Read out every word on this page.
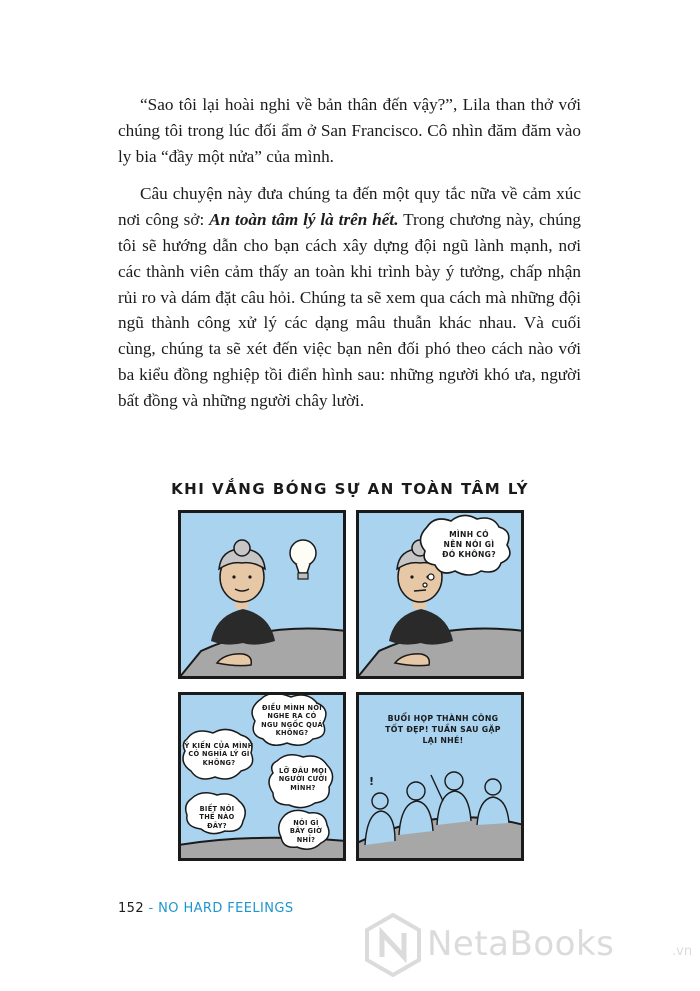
“Sao tôi lại hoài nghi về bản thân đến vậy?”, Lila than thở với chúng tôi trong lúc đối ẩm ở San Francisco. Cô nhìn đăm đăm vào ly bia “đầy một nửa” của mình.

Câu chuyện này đưa chúng ta đến một quy tắc nữa về cảm xúc nơi công sở: An toàn tâm lý là trên hết. Trong chương này, chúng tôi sẽ hướng dẫn cho bạn cách xây dựng đội ngũ lành mạnh, nơi các thành viên cảm thấy an toàn khi trình bày ý tưởng, chấp nhận rủi ro và dám đặt câu hỏi. Chúng ta sẽ xem qua cách mà những đội ngũ thành công xử lý các dạng mâu thuẫn khác nhau. Và cuối cùng, chúng ta sẽ xét đến việc bạn nên đối phó theo cách nào với ba kiểu đồng nghiệp tồi điển hình sau: những người khó ưa, người bất đồng và những người chây lười.

KHI VẮNG BÓNG SỰ AN TOÀN TÂM LÝ
MÌNH CÓ NÊN NÓI GÌ ĐÓ KHÔNG?
ĐIỀU MÌNH NÓI NGHE RA CÓ NGU NGỐC QUÁ KHÔNG?
Ý KIẾN CỦA MÌNH CÓ NGHĨA LÝ GÌ KHÔNG?
LỠ ĐÂU MỌI NGƯỜI CƯỜI MÌNH?
BIẾT NÓI THẾ NÀO ĐÂY?	NÓI GÌ BÂY GIỜ NHỈ?
BUỔI HỌP THÀNH CÔNG TỐT ĐẸP! TUẦN SAU GẶP LẠI NHÉ!
!
152 - NO HARD FEELINGS
NetaBooks	.vn
